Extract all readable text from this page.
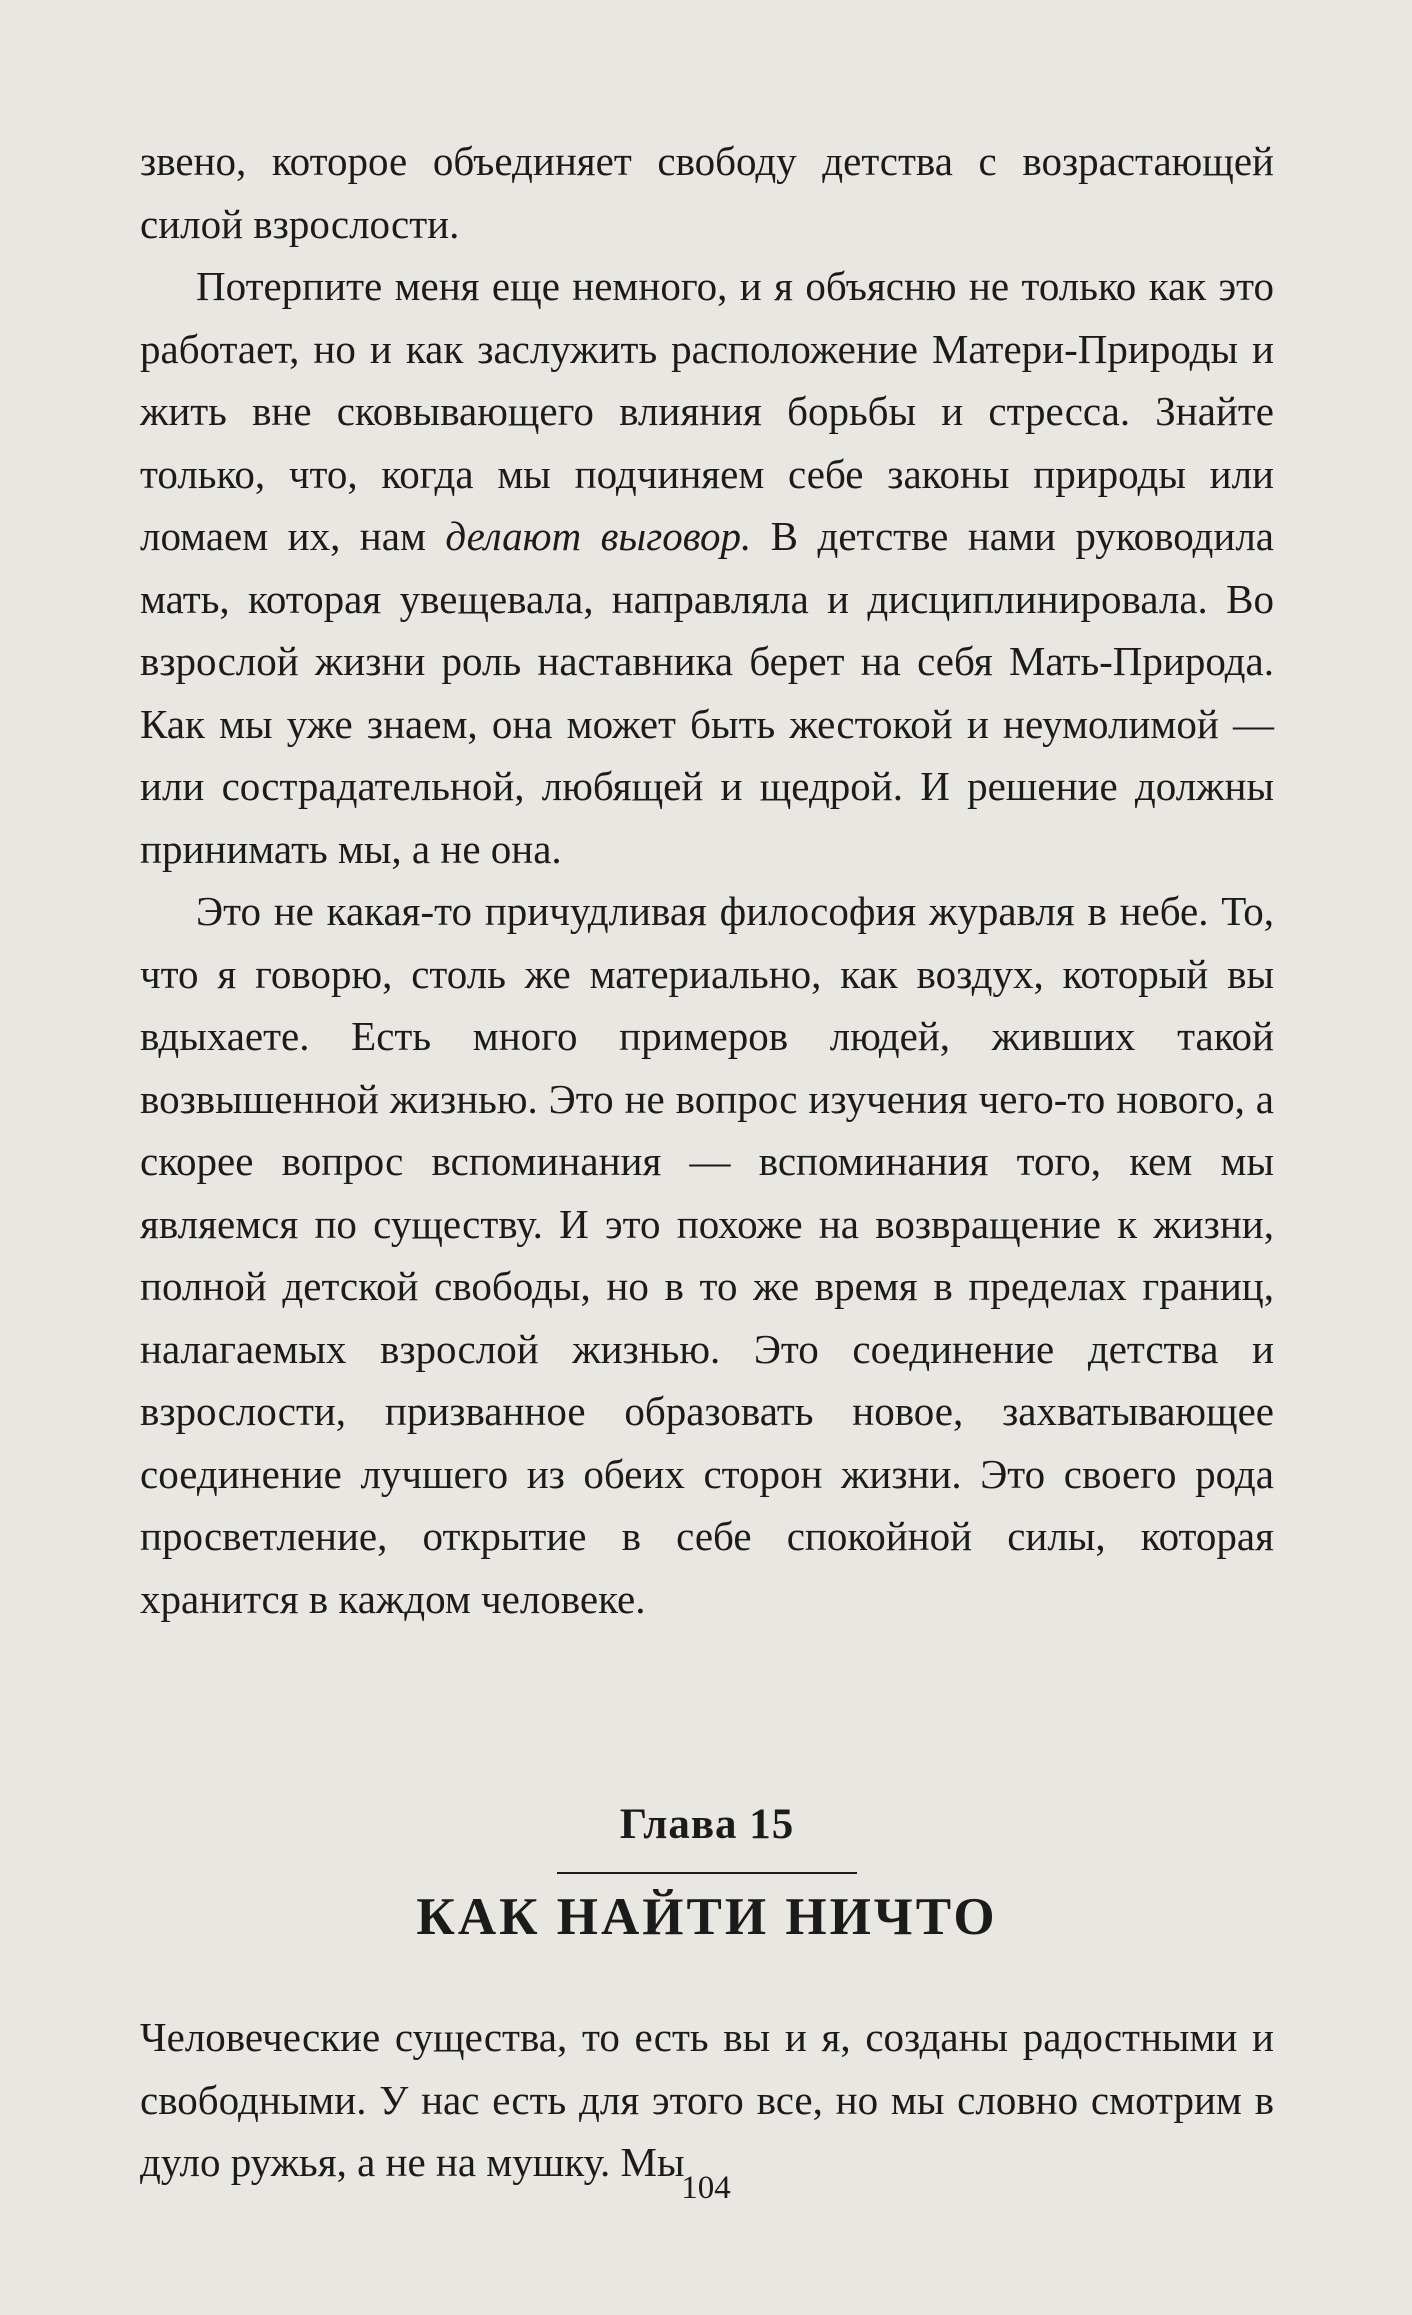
звено, которое объединяет свободу детства с возрастающей силой взрослости.

Потерпите меня еще немного, и я объясню не только как это работает, но и как заслужить расположение Матери-Природы и жить вне сковывающего влияния борьбы и стресса. Знайте только, что, когда мы подчиняем себе законы природы или ломаем их, нам делают выговор. В детстве нами руководила мать, которая увещевала, направляла и дисциплинировала. Во взрослой жизни роль наставника берет на себя Мать-Природа. Как мы уже знаем, она может быть жестокой и неумолимой — или сострадательной, любящей и щедрой. И решение должны принимать мы, а не она.

Это не какая-то причудливая философия журавля в небе. То, что я говорю, столь же материально, как воздух, который вы вдыхаете. Есть много примеров людей, живших такой возвышенной жизнью. Это не вопрос изучения чего-то нового, а скорее вопрос вспоминания — вспоминания того, кем мы являемся по существу. И это похоже на возвращение к жизни, полной детской свободы, но в то же время в пределах границ, налагаемых взрослой жизнью. Это соединение детства и взрослости, призванное образовать новое, захватывающее соединение лучшего из обеих сторон жизни. Это своего рода просветление, открытие в себе спокойной силы, которая хранится в каждом человеке.

Глава 15
КАК НАЙТИ НИЧТО

Человеческие существа, то есть вы и я, созданы радостными и свободными. У нас есть для этого все, но мы словно смотрим в дуло ружья, а не на мушку. Мы

104
